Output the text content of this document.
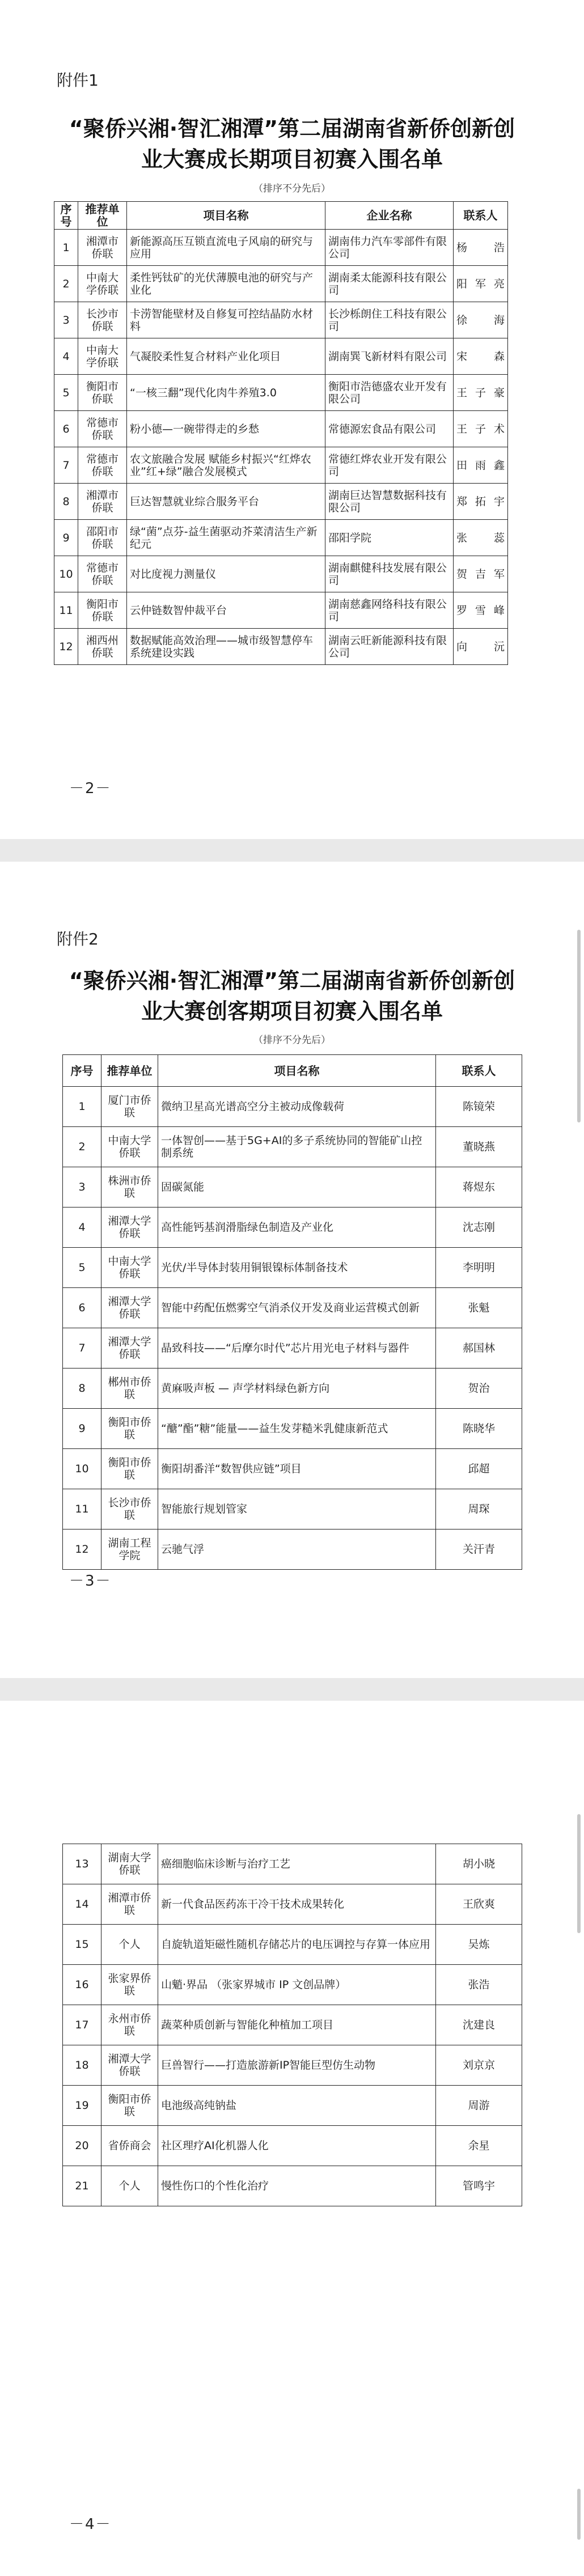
附件1
“聚侨兴湘·智汇湘潭”第二届湖南省新侨创新创
业大赛成长期项目初赛入围名单
（排序不分先后）
序号	推荐单位	项目名称	企业名称	联系人
1	湘潭市侨联	新能源高压互锁直流电子风扇的研究与应用	湖南伟力汽车零部件有限公司	杨浩
2	中南大学侨联	柔性钙钛矿的光伏薄膜电池的研究与产业化	湖南柔太能源科技有限公司	阳军亮
3	长沙市侨联	卡涝智能壁材及自修复可控结晶防水材料	长沙栎朗住工科技有限公司	徐海
4	中南大学侨联	气凝胶柔性复合材料产业化项目	湖南巽飞新材料有限公司	宋森
5	衡阳市侨联	“一核三翻”现代化肉牛养殖3.0	衡阳市浩德盛农业开发有限公司	王子豪
6	常德市侨联	粉小德—一碗带得走的乡愁	常德源宏食品有限公司	王子术
7	常德市侨联	农文旅融合发展 赋能乡村振兴“红烨农业”红+绿”融合发展模式	常德红烨农业开发有限公司	田雨鑫
8	湘潭市侨联	巨达智慧就业综合服务平台	湖南巨达智慧数据科技有限公司	郑拓宇
9	邵阳市侨联	绿“菌”点芬-益生菌驱动芥菜清洁生产新纪元	邵阳学院	张蕊
10	常德市侨联	对比度视力测量仪	湖南麒健科技发展有限公司	贺吉军
11	衡阳市侨联	云仲链数智仲裁平台	湖南慈鑫网络科技有限公司	罗雪峰
12	湘西州侨联	数据赋能高效治理——城市级智慧停车系统建设实践	湖南云旺新能源科技有限公司	向沅
－2－
附件2
“聚侨兴湘·智汇湘潭”第二届湖南省新侨创新创
业大赛创客期项目初赛入围名单
（排序不分先后）
序号	推荐单位	项目名称	联系人
1	厦门市侨联	微纳卫星高光谱高空分主被动成像载荷	陈镜荣
2	中南大学侨联	一体智创——基于5G+AI的多子系统协同的智能矿山控制系统	董晓燕
3	株洲市侨联	固碳氮能	蒋煜东
4	湘潭大学侨联	高性能钙基润滑脂绿色制造及产业化	沈志刚
5	中南大学侨联	光伏/半导体封装用铜银镍标体制备技术	李明明
6	湘潭大学侨联	智能中药配伍燃雾空气消杀仪开发及商业运营模式创新	张魁
7	湘潭大学侨联	晶致科技——“后摩尔时代”芯片用光电子材料与器件	郝国林
8	郴州市侨联	黄麻吸声板 — 声学材料绿色新方向	贺治
9	衡阳市侨联	“醣”酯”糖”能量——益生发芽糙米乳健康新范式	陈晓华
10	衡阳市侨联	衡阳胡番洋“数智供应链”项目	邱超
11	长沙市侨联	智能旅行规划管家	周琛
12	湖南工程学院	云驰气浮	关汗青
－3－
13	湖南大学侨联	癌细胞临床诊断与治疗工艺	胡小晓
14	湘潭市侨联	新一代食品医药冻干冷干技术成果转化	王欣爽
15	个人	自旋轨道矩磁性随机存储芯片的电压调控与存算一体应用	吴炼
16	张家界侨联	山魈·界品 （张家界城市 IP 文创品牌）	张浩
17	永州市侨联	蔬菜种质创新与智能化种植加工项目	沈建良
18	湘潭大学侨联	巨兽智行——打造旅游新IP智能巨型仿生动物	刘京京
19	衡阳市侨联	电池级高纯钠盐	周游
20	省侨商会	社区理疗AI化机器人化	余星
21	个人	慢性伤口的个性化治疗	管鸣宇
－4－
